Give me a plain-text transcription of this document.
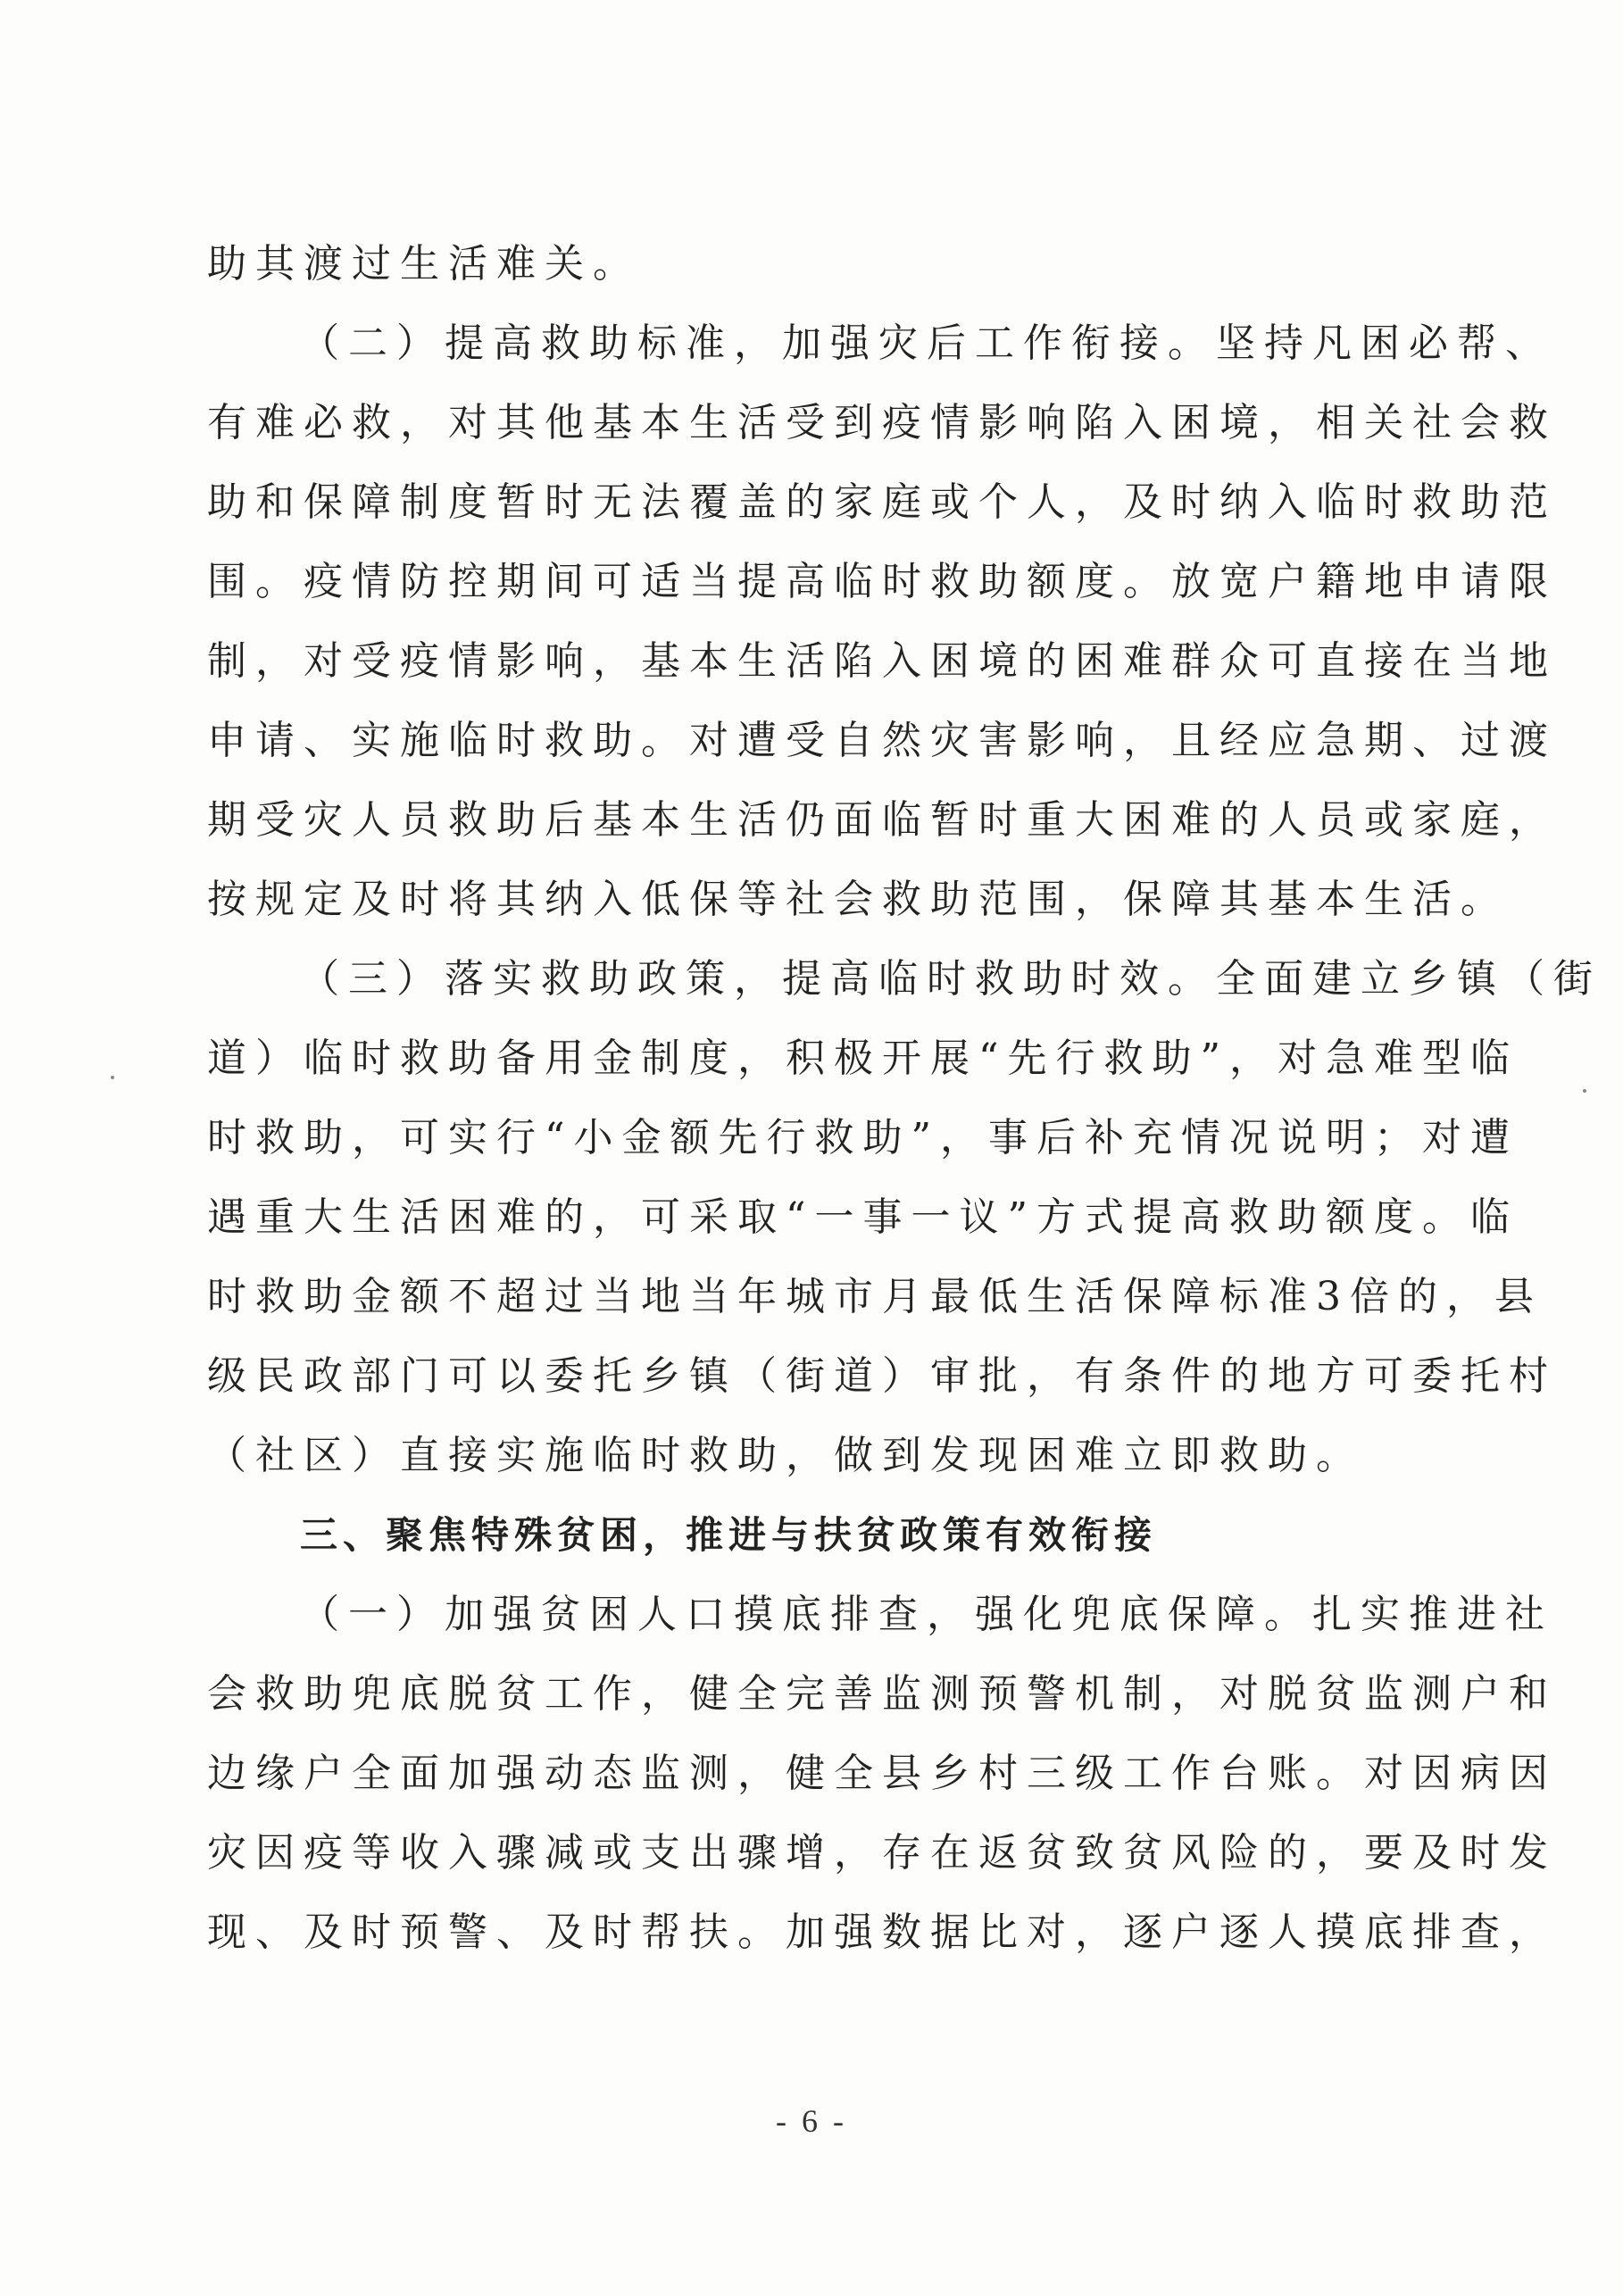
助其渡过生活难关。
（二）提高救助标准，加强灾后工作衔接。坚持凡困必帮、
有难必救，对其他基本生活受到疫情影响陷入困境，相关社会救
助和保障制度暂时无法覆盖的家庭或个人，及时纳入临时救助范
围。疫情防控期间可适当提高临时救助额度。放宽户籍地申请限
制，对受疫情影响，基本生活陷入困境的困难群众可直接在当地
申请、实施临时救助。对遭受自然灾害影响，且经应急期、过渡
期受灾人员救助后基本生活仍面临暂时重大困难的人员或家庭，
按规定及时将其纳入低保等社会救助范围，保障其基本生活。
（三）落实救助政策，提高临时救助时效。全面建立乡镇（街
道）临时救助备用金制度，积极开展“先行救助”，对急难型临
时救助，可实行“小金额先行救助”，事后补充情况说明；对遭
遇重大生活困难的，可采取“一事一议”方式提高救助额度。临
时救助金额不超过当地当年城市月最低生活保障标准3倍的，县
级民政部门可以委托乡镇（街道）审批，有条件的地方可委托村
（社区）直接实施临时救助，做到发现困难立即救助。
三、聚焦特殊贫困，推进与扶贫政策有效衔接
（一）加强贫困人口摸底排查，强化兜底保障。扎实推进社
会救助兜底脱贫工作，健全完善监测预警机制，对脱贫监测户和
边缘户全面加强动态监测，健全县乡村三级工作台账。对因病因
灾因疫等收入骤减或支出骤增，存在返贫致贫风险的，要及时发
现、及时预警、及时帮扶。加强数据比对，逐户逐人摸底排查，
- 6 -
